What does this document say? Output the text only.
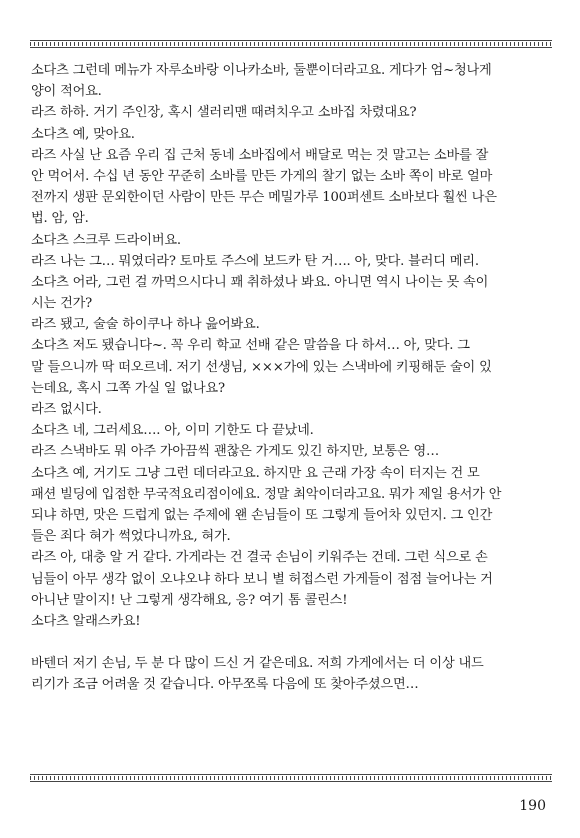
소다츠 그런데 메뉴가 자루소바랑 이나카소바, 둘뿐이더라고요. 게다가 엄~청나게
양이 적어요.
라즈 하하. 거기 주인장, 혹시 샐러리맨 때려치우고 소바집 차렸대요?
소다츠 예, 맞아요.
라즈 사실 난 요즘 우리 집 근처 동네 소바집에서 배달로 먹는 것 말고는 소바를 잘
안 먹어서. 수십 년 동안 꾸준히 소바를 만든 가게의 찰기 없는 소바 쪽이 바로 얼마
전까지 생판 문외한이던 사람이 만든 무슨 메밀가루 100퍼센트 소바보다 훨씬 나은
법. 암, 암.
소다츠 스크루 드라이버요.
라즈 나는 그… 뭐였더라? 토마토 주스에 보드카 탄 거…. 아, 맞다. 블러디 메리.
소다츠 어라, 그런 걸 까먹으시다니 꽤 취하셨나 봐요. 아니면 역시 나이는 못 속이
시는 건가?
라즈 됐고, 술술 하이쿠나 하나 읊어봐요.
소다츠 저도 됐습니다~. 꼭 우리 학교 선배 같은 말씀을 다 하셔… 아, 맞다. 그
말 들으니까 딱 떠오르네. 저기 선생님, ×××가에 있는 스낵바에 키핑해둔 술이 있
는데요, 혹시 그쪽 가실 일 없나요?
라즈 없시다.
소다츠 네, 그러세요…. 아, 이미 기한도 다 끝났네.
라즈 스낵바도 뭐 아주 가아끔씩 괜찮은 가게도 있긴 하지만, 보통은 영…
소다츠 예, 거기도 그냥 그런 데더라고요. 하지만 요 근래 가장 속이 터지는 건 모
패션 빌딩에 입점한 무국적요리점이에요. 정말 최악이더라고요. 뭐가 제일 용서가 안
되냐 하면, 맛은 드럽게 없는 주제에 왠 손님들이 또 그렇게 들어차 있던지. 그 인간
들은 죄다 혀가 썩었다니까요, 혀가.
라즈 아, 대충 알 거 같다. 가게라는 건 결국 손님이 키워주는 건데. 그런 식으로 손
님들이 아무 생각 없이 오냐오냐 하다 보니 별 허접스런 가게들이 점점 늘어나는 거
아니냔 말이지! 난 그렇게 생각해요, 응? 여기 톰 콜린스!
소다츠 알래스카요!
바텐더 저기 손님, 두 분 다 많이 드신 거 같은데요. 저희 가게에서는 더 이상 내드
리기가 조금 어려울 것 같습니다. 아무쪼록 다음에 또 찾아주셨으면…
190
